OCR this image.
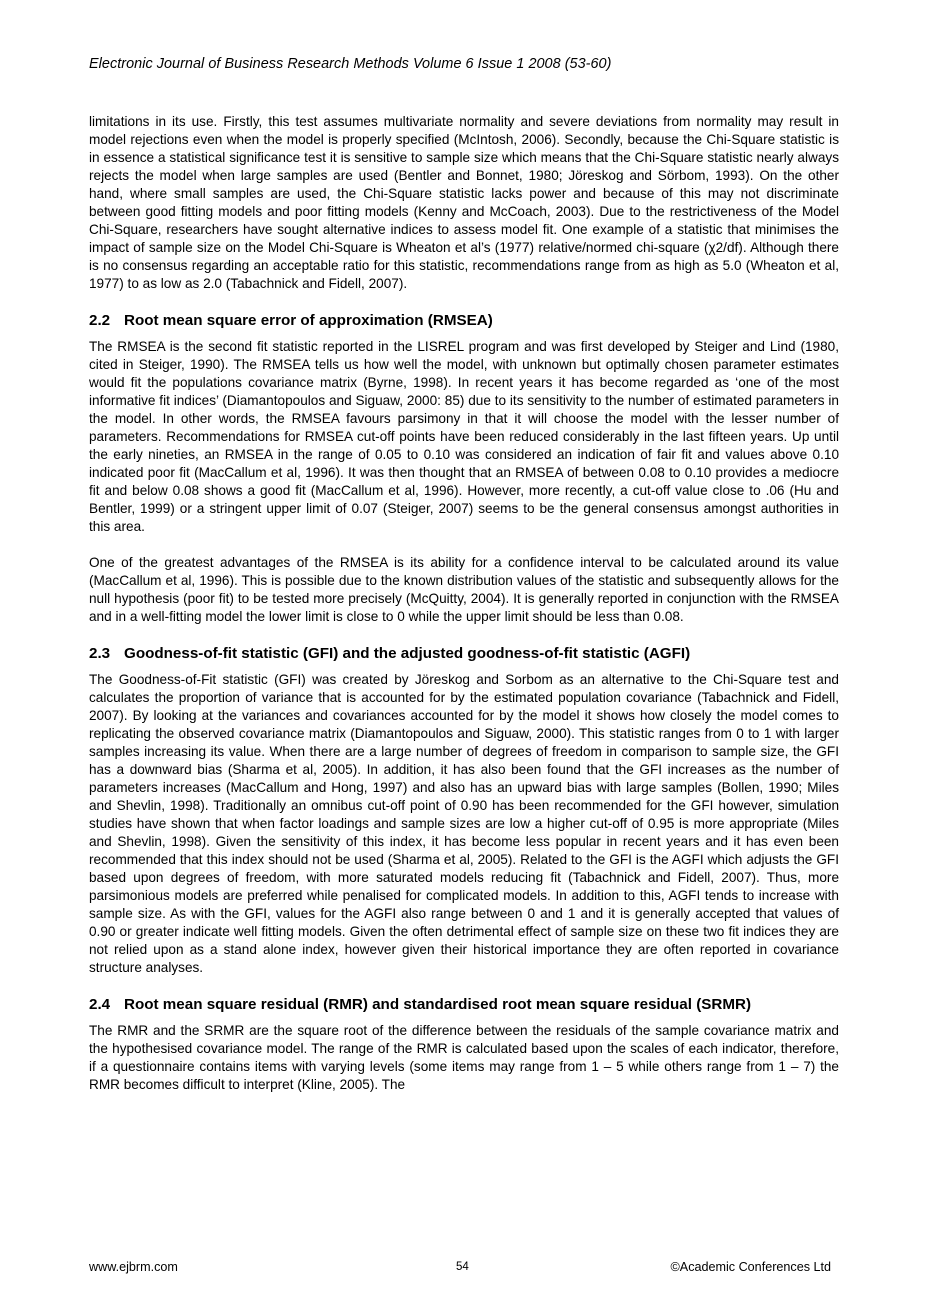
Electronic Journal of Business Research Methods Volume 6 Issue 1 2008 (53-60)

limitations in its use. Firstly, this test assumes multivariate normality and severe deviations from normality may result in model rejections even when the model is properly specified (McIntosh, 2006). Secondly, because the Chi-Square statistic is in essence a statistical significance test it is sensitive to sample size which means that the Chi-Square statistic nearly always rejects the model when large samples are used (Bentler and Bonnet, 1980; Jöreskog and Sörbom, 1993). On the other hand, where small samples are used, the Chi-Square statistic lacks power and because of this may not discriminate between good fitting models and poor fitting models (Kenny and McCoach, 2003). Due to the restrictiveness of the Model Chi-Square, researchers have sought alternative indices to assess model fit. One example of a statistic that minimises the impact of sample size on the Model Chi-Square is Wheaton et al’s (1977) relative/normed chi-square (χ2/df). Although there is no consensus regarding an acceptable ratio for this statistic, recommendations range from as high as 5.0 (Wheaton et al, 1977) to as low as 2.0 (Tabachnick and Fidell, 2007).

2.2 Root mean square error of approximation (RMSEA)

The RMSEA is the second fit statistic reported in the LISREL program and was first developed by Steiger and Lind (1980, cited in Steiger, 1990). The RMSEA tells us how well the model, with unknown but optimally chosen parameter estimates would fit the populations covariance matrix (Byrne, 1998). In recent years it has become regarded as ‘one of the most informative fit indices’ (Diamantopoulos and Siguaw, 2000: 85) due to its sensitivity to the number of estimated parameters in the model. In other words, the RMSEA favours parsimony in that it will choose the model with the lesser number of parameters. Recommendations for RMSEA cut-off points have been reduced considerably in the last fifteen years. Up until the early nineties, an RMSEA in the range of 0.05 to 0.10 was considered an indication of fair fit and values above 0.10 indicated poor fit (MacCallum et al, 1996). It was then thought that an RMSEA of between 0.08 to 0.10 provides a mediocre fit and below 0.08 shows a good fit (MacCallum et al, 1996). However, more recently, a cut-off value close to .06 (Hu and Bentler, 1999) or a stringent upper limit of 0.07 (Steiger, 2007) seems to be the general consensus amongst authorities in this area.

One of the greatest advantages of the RMSEA is its ability for a confidence interval to be calculated around its value (MacCallum et al, 1996). This is possible due to the known distribution values of the statistic and subsequently allows for the null hypothesis (poor fit) to be tested more precisely (McQuitty, 2004). It is generally reported in conjunction with the RMSEA and in a well-fitting model the lower limit is close to 0 while the upper limit should be less than 0.08.

2.3 Goodness-of-fit statistic (GFI) and the adjusted goodness-of-fit statistic (AGFI)

The Goodness-of-Fit statistic (GFI) was created by Jöreskog and Sorbom as an alternative to the Chi-Square test and calculates the proportion of variance that is accounted for by the estimated population covariance (Tabachnick and Fidell, 2007). By looking at the variances and covariances accounted for by the model it shows how closely the model comes to replicating the observed covariance matrix (Diamantopoulos and Siguaw, 2000). This statistic ranges from 0 to 1 with larger samples increasing its value. When there are a large number of degrees of freedom in comparison to sample size, the GFI has a downward bias (Sharma et al, 2005). In addition, it has also been found that the GFI increases as the number of parameters increases (MacCallum and Hong, 1997) and also has an upward bias with large samples (Bollen, 1990; Miles and Shevlin, 1998). Traditionally an omnibus cut-off point of 0.90 has been recommended for the GFI however, simulation studies have shown that when factor loadings and sample sizes are low a higher cut-off of 0.95 is more appropriate (Miles and Shevlin, 1998). Given the sensitivity of this index, it has become less popular in recent years and it has even been recommended that this index should not be used (Sharma et al, 2005). Related to the GFI is the AGFI which adjusts the GFI based upon degrees of freedom, with more saturated models reducing fit (Tabachnick and Fidell, 2007). Thus, more parsimonious models are preferred while penalised for complicated models. In addition to this, AGFI tends to increase with sample size. As with the GFI, values for the AGFI also range between 0 and 1 and it is generally accepted that values of 0.90 or greater indicate well fitting models. Given the often detrimental effect of sample size on these two fit indices they are not relied upon as a stand alone index, however given their historical importance they are often reported in covariance structure analyses.

2.4 Root mean square residual (RMR) and standardised root mean square residual (SRMR)

The RMR and the SRMR are the square root of the difference between the residuals of the sample covariance matrix and the hypothesised covariance model. The range of the RMR is calculated based upon the scales of each indicator, therefore, if a questionnaire contains items with varying levels (some items may range from 1 – 5 while others range from 1 – 7) the RMR becomes difficult to interpret (Kline, 2005). The

www.ejbrm.com	54	©Academic Conferences Ltd
